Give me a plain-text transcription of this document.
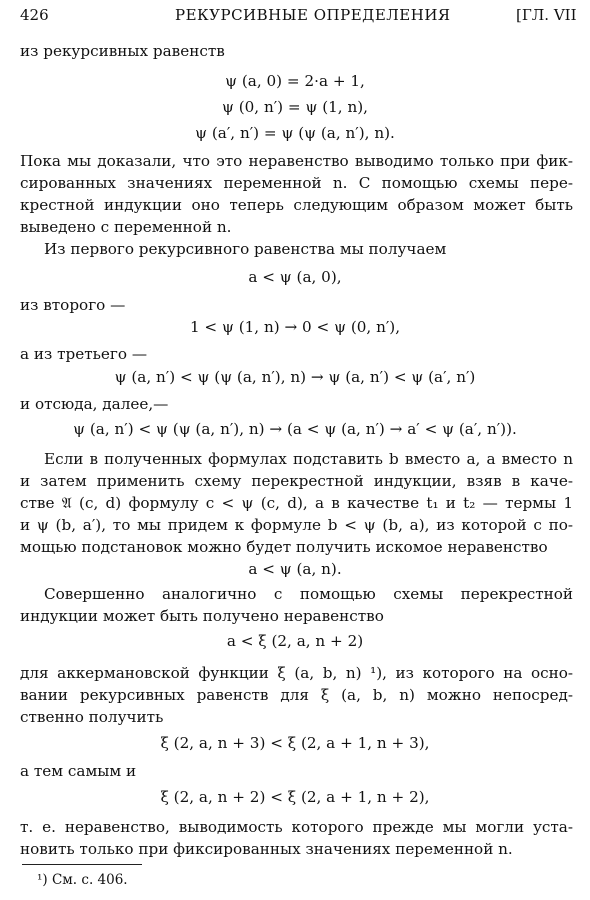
426	РЕКУРСИВНЫЕ ОПРЕДЕЛЕНИЯ	[ГЛ. VII
из рекурсивных равенств
ψ (a, 0) = 2·a + 1,
ψ (0, n′) = ψ (1, n),
ψ (a′, n′) = ψ (ψ (a, n′), n).
Пока мы доказали, что это неравенство выводимо только при фик-
сированных значениях переменной n. С помощью схемы пере-
крестной индукции оно теперь следующим образом может быть
выведено с переменной n.
Из первого рекурсивного равенства мы получаем
a < ψ (a, 0),
из второго —
1 < ψ (1, n) → 0 < ψ (0, n′),
а из третьего —
ψ (a, n′) < ψ (ψ (a, n′), n) → ψ (a, n′) < ψ (a′, n′)
и отсюда, далее,—
ψ (a, n′) < ψ (ψ (a, n′), n) → (a < ψ (a, n′) → a′ < ψ (a′, n′)).
Если в полученных формулах подставить b вместо a, a вместо n
и затем применить схему перекрестной индукции, взяв в каче-
стве 𝔄 (c, d) формулу c < ψ (c, d), а в качестве t₁ и t₂ — термы 1
и ψ (b, a′), то мы придем к формуле b < ψ (b, a), из которой с по-
мощью подстановок можно будет получить искомое неравенство
a < ψ (a, n).
Совершенно аналогично с помощью схемы перекрестной
индукции может быть получено неравенство
a < ξ (2, a, n + 2)
для аккермановской функции ξ (a, b, n) ¹), из которого на осно-
вании рекурсивных равенств для ξ (a, b, n) можно непосред-
ственно получить
ξ (2, a, n + 3) < ξ (2, a + 1, n + 3),
а тем самым и
ξ (2, a, n + 2) < ξ (2, a + 1, n + 2),
т. е. неравенство, выводимость которого прежде мы могли уста-
новить только при фиксированных значениях переменной n.
¹) См. с. 406.
